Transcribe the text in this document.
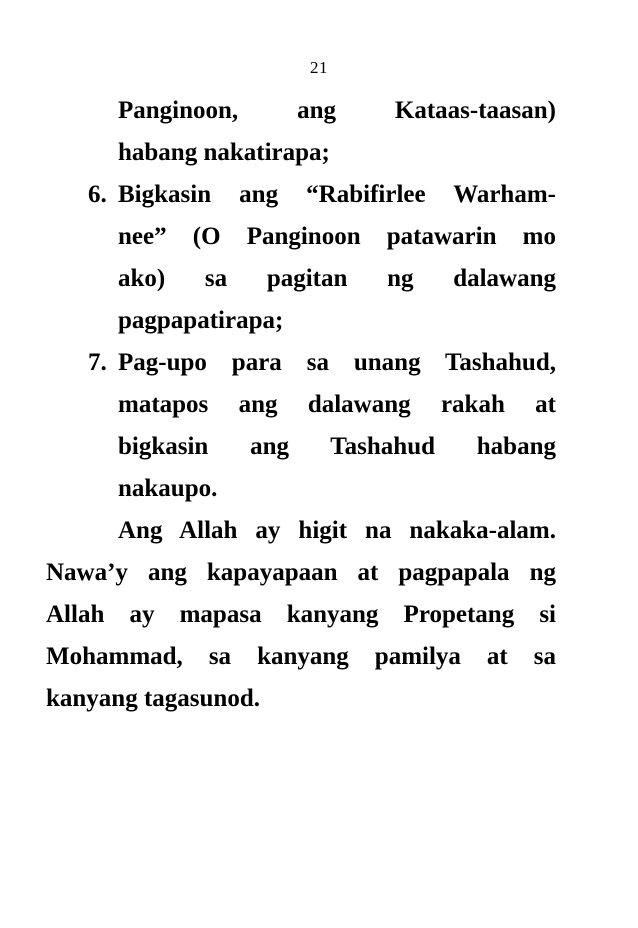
21
Panginoon, ang Kataas-taasan)
habang nakatirapa;
6. Bigkasin ang “Rabifirlee Warham-
nee” (O Panginoon patawarin mo
ako) sa pagitan ng dalawang
pagpapatirapa;
7. Pag-upo para sa unang Tashahud,
matapos ang dalawang rakah at
bigkasin ang Tashahud habang
nakaupo.
Ang Allah ay higit na nakaka-alam.
Nawa’y ang kapayapaan at pagpapala ng
Allah ay mapasa kanyang Propetang si
Mohammad, sa kanyang pamilya at sa
kanyang tagasunod.
